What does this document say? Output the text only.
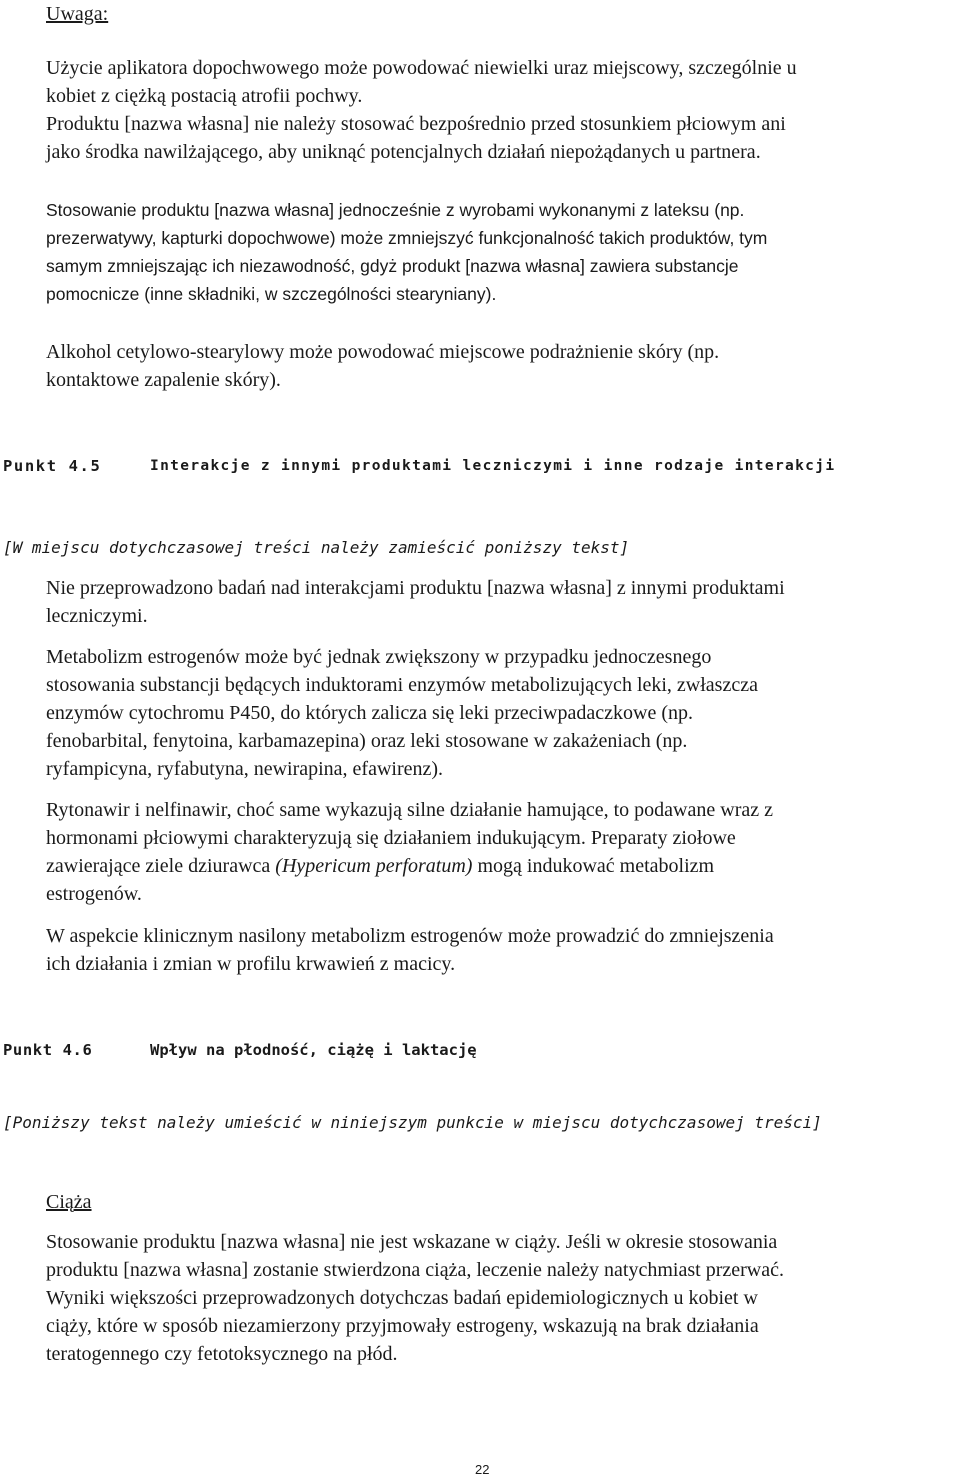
Uwaga:
Użycie aplikatora dopochwowego może powodować niewielki uraz miejscowy, szczególnie u
kobiet z ciężką postacią atrofii pochwy.
Produktu [nazwa własna] nie należy stosować bezpośrednio przed stosunkiem płciowym ani
jako środka nawilżającego, aby uniknąć potencjalnych działań niepożądanych u partnera.
Stosowanie produktu [nazwa własna] jednocześnie z wyrobami wykonanymi z lateksu (np.
prezerwatywy, kapturki dopochwowe) może zmniejszyć funkcjonalność takich produktów, tym
samym zmniejszając ich niezawodność, gdyż produkt [nazwa własna] zawiera substancje
pomocnicze (inne składniki, w szczególności stearyniany).
Alkohol cetylowo-stearylowy może powodować miejscowe podrażnienie skóry (np.
kontaktowe zapalenie skóry).
Punkt 4.5	Interakcje z innymi produktami leczniczymi i inne rodzaje interakcji
[W miejscu dotychczasowej treści należy zamieścić poniższy tekst]
Nie przeprowadzono badań nad interakcjami produktu [nazwa własna] z innymi produktami
leczniczymi.
Metabolizm estrogenów może być jednak zwiększony w przypadku jednoczesnego
stosowania substancji będących induktorami enzymów metabolizujących leki, zwłaszcza
enzymów cytochromu P450, do których zalicza się leki przeciwpadaczkowe (np.
fenobarbital, fenytoina, karbamazepina) oraz leki stosowane w zakażeniach (np.
ryfampicyna, ryfabutyna, newirapina, efawirenz).
Rytonawir i nelfinawir, choć same wykazują silne działanie hamujące, to podawane wraz z
hormonami płciowymi charakteryzują się działaniem indukującym. Preparaty ziołowe
zawierające ziele dziurawca (Hypericum perforatum) mogą indukować metabolizm
estrogenów.
W aspekcie klinicznym nasilony metabolizm estrogenów może prowadzić do zmniejszenia
ich działania i zmian w profilu krwawień z macicy.
Punkt 4.6	Wpływ na płodność, ciążę i laktację
[Poniższy tekst należy umieścić w niniejszym punkcie w miejscu dotychczasowej treści]
Ciąża
Stosowanie produktu [nazwa własna] nie jest wskazane w ciąży. Jeśli w okresie stosowania
produktu [nazwa własna] zostanie stwierdzona ciąża, leczenie należy natychmiast przerwać.
Wyniki większości przeprowadzonych dotychczas badań epidemiologicznych u kobiet w
ciąży, które w sposób niezamierzony przyjmowały estrogeny, wskazują na brak działania
teratogennego czy fetotoksycznego na płód.
22
